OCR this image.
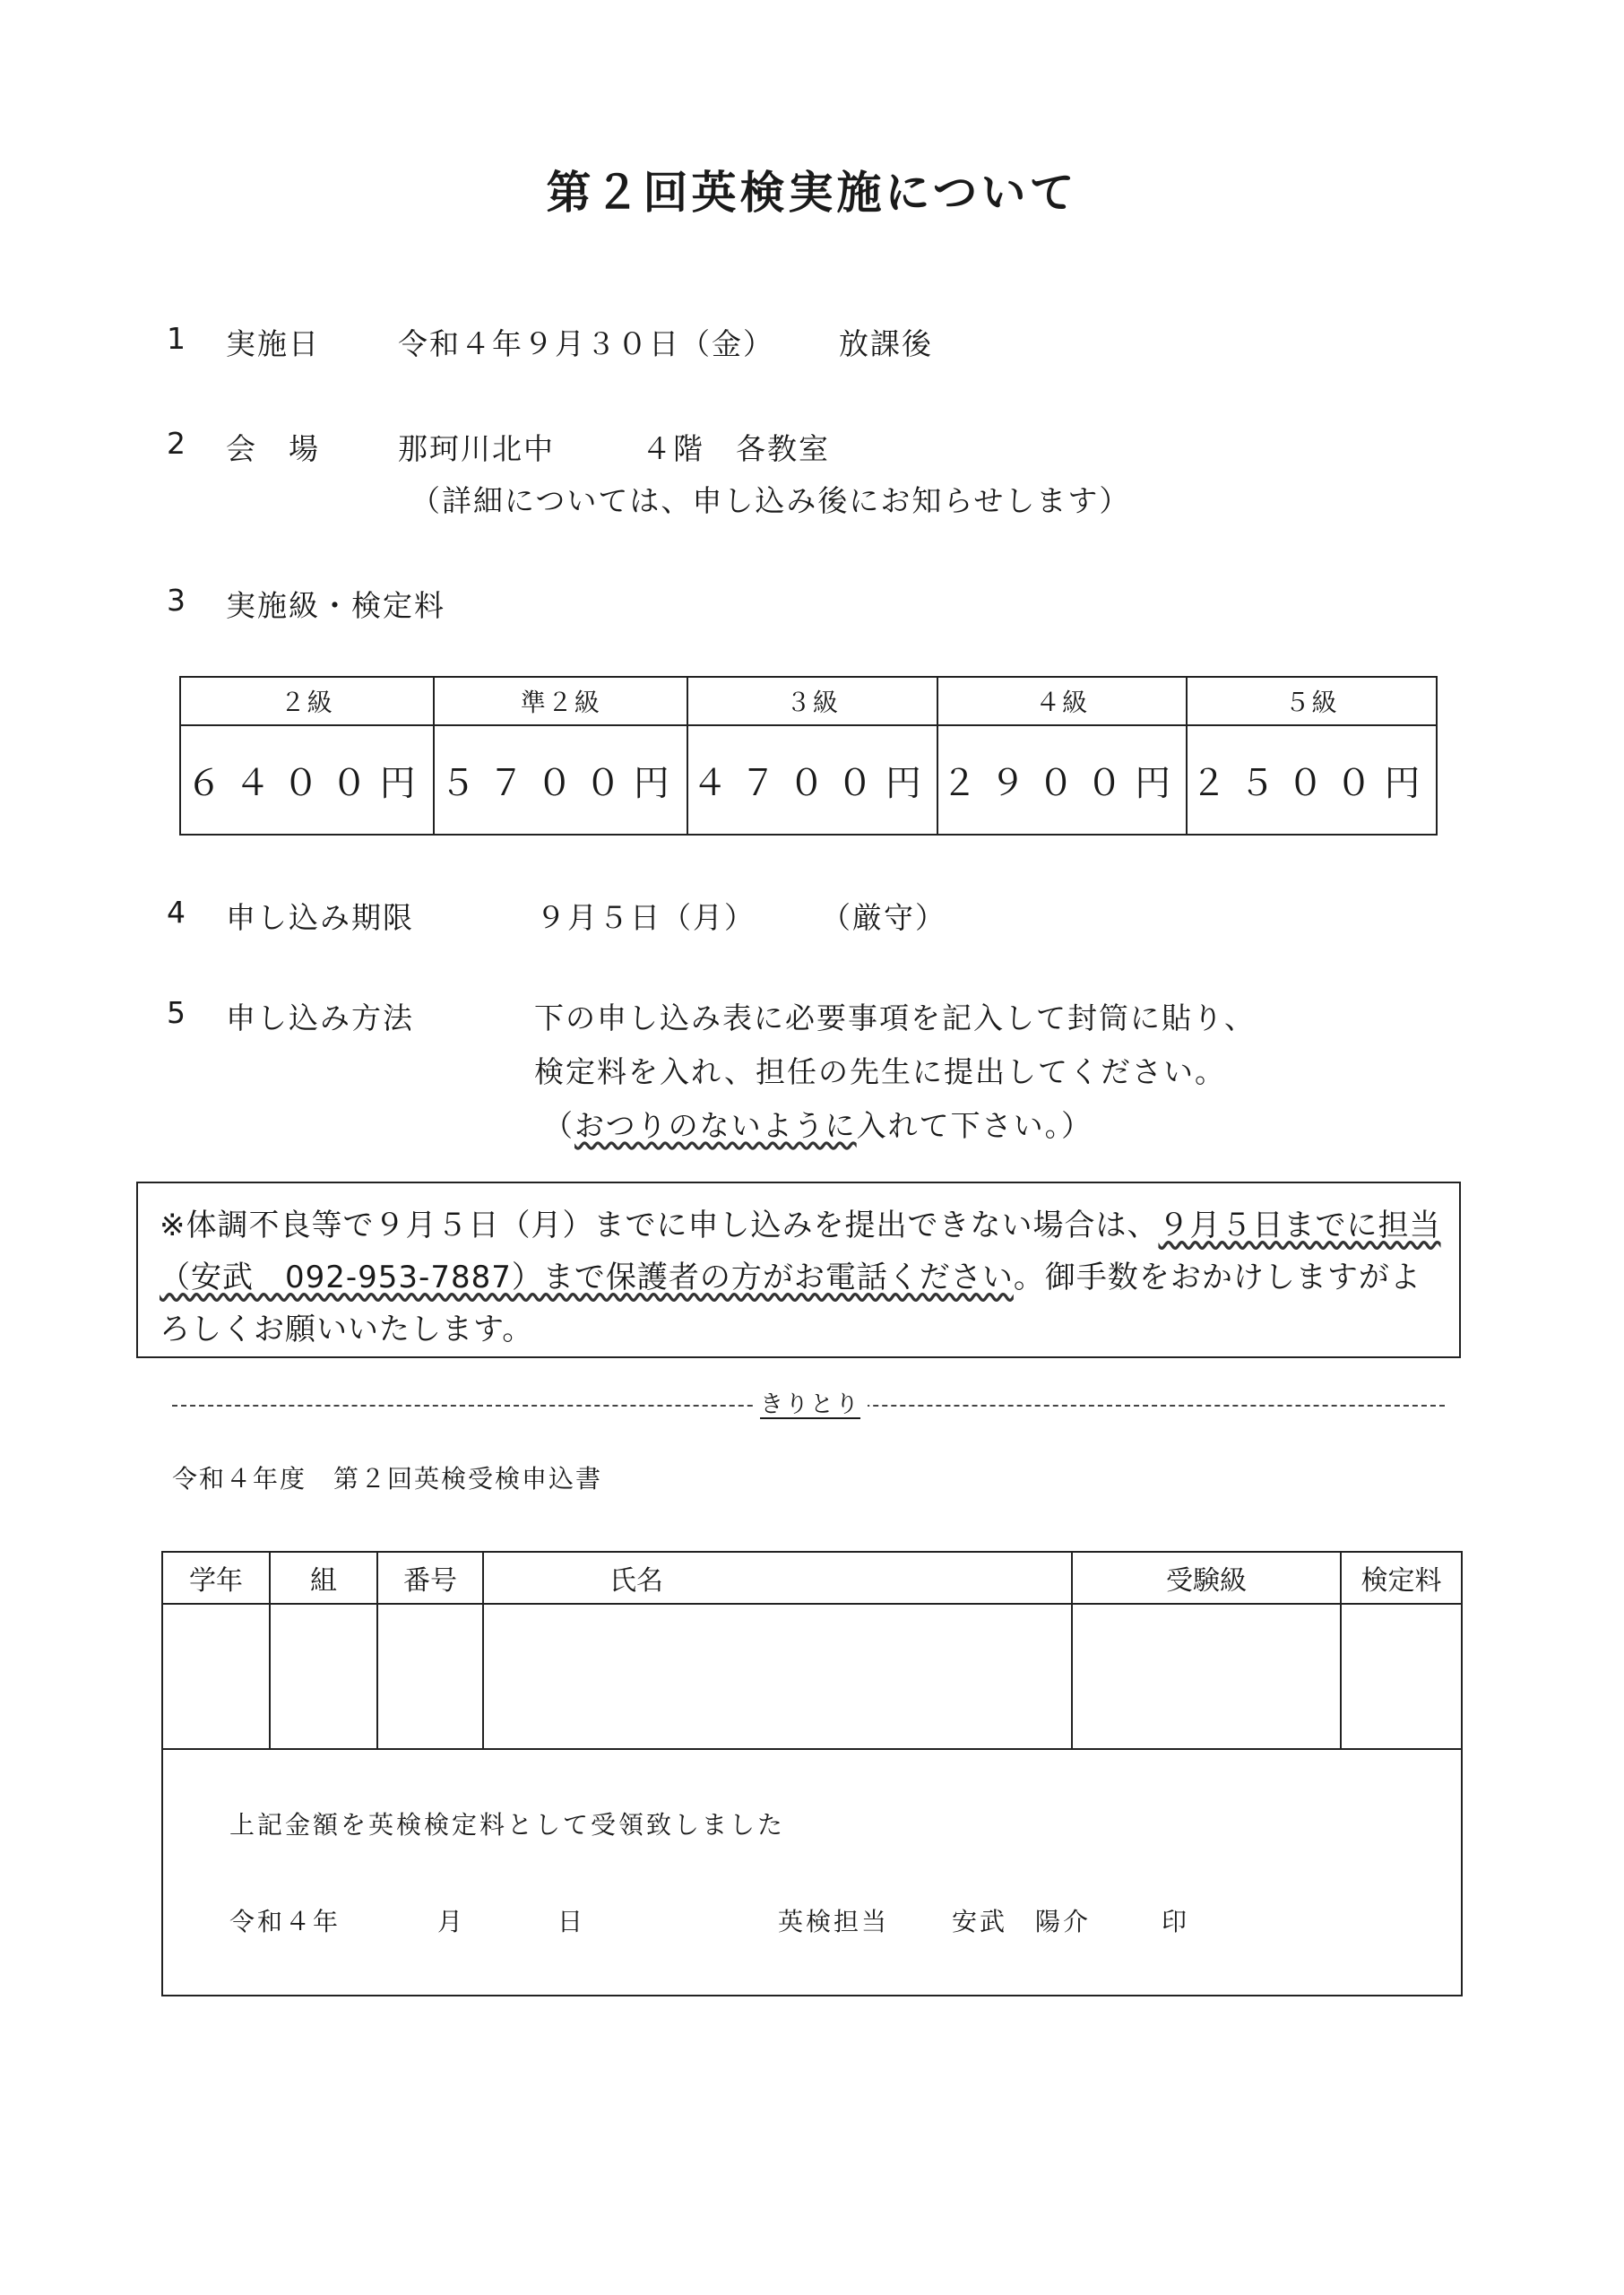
第２回英検実施について
1 実施日	令和４年９月３０日（金） 放課後
2 会　場	那珂川北中	４階　各教室
（詳細については、申し込み後にお知らせします）
3 実施級・検定料
２級	準２級	３級	４級	５級
６４００円	５７００円	４７００円	２９００円	２５００円
4 申し込み期限	９月５日（月） （厳守）
5 申し込み方法	下の申し込み表に必要事項を記入して封筒に貼り、
検定料を入れ、担任の先生に提出してください。
（おつりのないように入れて下さい。）
※体調不良等で９月５日（月）までに申し込みを提出できない場合は、９月５日までに担当（安武　092-953-7887）まで保護者の方がお電話ください。御手数をおかけしますがよろしくお願いいたします。
きりとり
令和４年度　第２回英検受検申込書
学年	組	番号	氏名	受験級	検定料

上記金額を英検検定料として受領致しました
令和４年	月	日	英検担当 安武　陽介	印
